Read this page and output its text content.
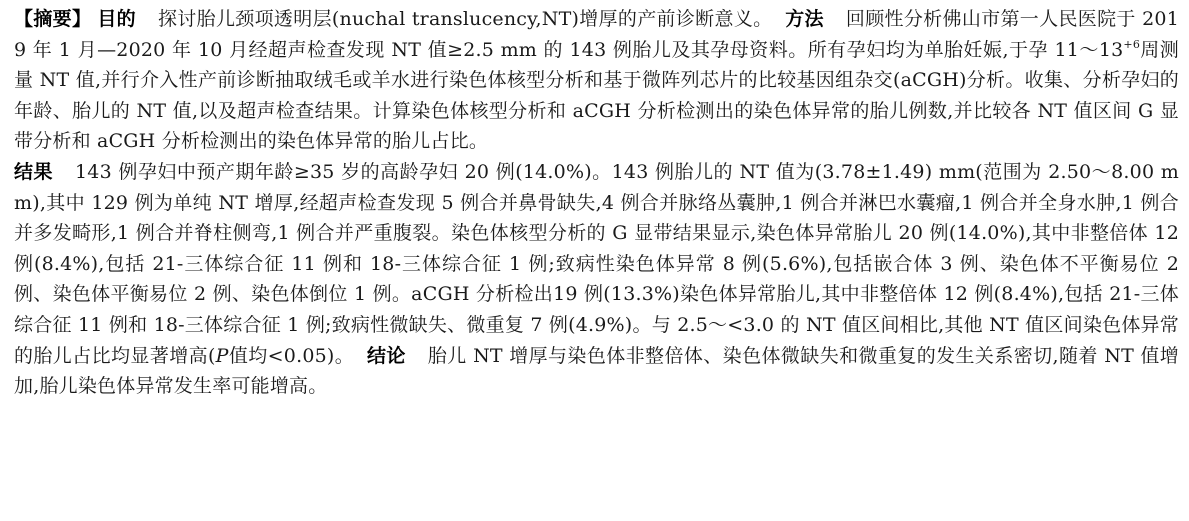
【摘要】 目的 探讨胎儿颈项透明层(nuchal translucency,NT)增厚的产前诊断意义。 方法 回顾性分析佛山市第一人民医院于 2019 年 1 月—2020 年 10 月经超声检查发现 NT 值≥2.5 mm 的 143 例胎儿及其孕母资料。所有孕妇均为单胎妊娠,于孕 $11\sim 13^{+6}$周测量 NT 值,并行介入性产前诊断抽取绒毛或羊水进行染色体核型分析和基于微阵列芯片的比较基因组杂交(aCGH)分析。收集、分析孕妇的年龄、胎儿的 NT 值,以及超声检查结果。计算染色体核型分析和 aCGH 分析检测出的染色体异常的胎儿例数,并比较各 NT 值区间 G 显带分析和 aCGH 分析检测出的染色体异常的胎儿占比。
结果 143 例孕妇中预产期年龄≥35 岁的高龄孕妇 20 例(14.0%)。143 例胎儿的 NT 值为(3.78±1.49) mm(范围为 2.50～8.00 mm),其中 129 例为单纯 NT 增厚,经超声检查发现 5 例合并鼻骨缺失,4 例合并脉络丛囊肿,1 例合并淋巴水囊瘤,1 例合并全身水肿,1 例合并多发畸形,1 例合并脊柱侧弯,1 例合并严重腹裂。染色体核型分析的 G 显带结果显示,染色体异常胎儿 20 例(14.0%),其中非整倍体 12 例(8.4%),包括 21-三体综合征 11 例和 18-三体综合征 1 例;致病性染色体异常 8 例(5.6%),包括嵌合体 3 例、染色体不平衡易位 2 例、染色体平衡易位 2 例、染色体倒位 1 例。aCGH 分析检出19 例(13.3%)染色体异常胎儿,其中非整倍体 12 例(8.4%),包括 21-三体综合征 11 例和 18-三体综合征 1 例;致病性微缺失、微重复 7 例(4.9%)。与 2.5～<3.0 的 NT 值区间相比,其他 NT 值区间染色体异常的胎儿占比均显著增高(P值均<0.05)。 结论 胎儿 NT 增厚与染色体非整倍体、染色体微缺失和微重复的发生关系密切,随着 NT 值增加,胎儿染色体异常发生率可能增高。
